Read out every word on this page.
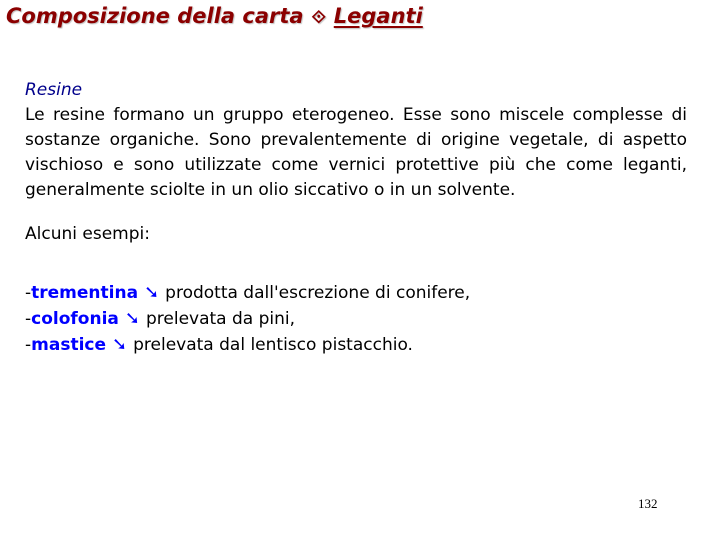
Composizione della carta ⟐ Leganti
Resine
Le resine formano un gruppo eterogeneo. Esse sono miscele complesse di sostanze organiche. Sono prevalentemente di origine vegetale, di aspetto vischioso e sono utilizzate come vernici protettive più che come leganti, generalmente sciolte in un olio siccativo o in un solvente.
Alcuni esempi:
-trementina ➘ prodotta dall'escrezione di conifere,
-colofonia ➘ prelevata da pini,
-mastice ➘ prelevata dal lentisco pistacchio.
132
